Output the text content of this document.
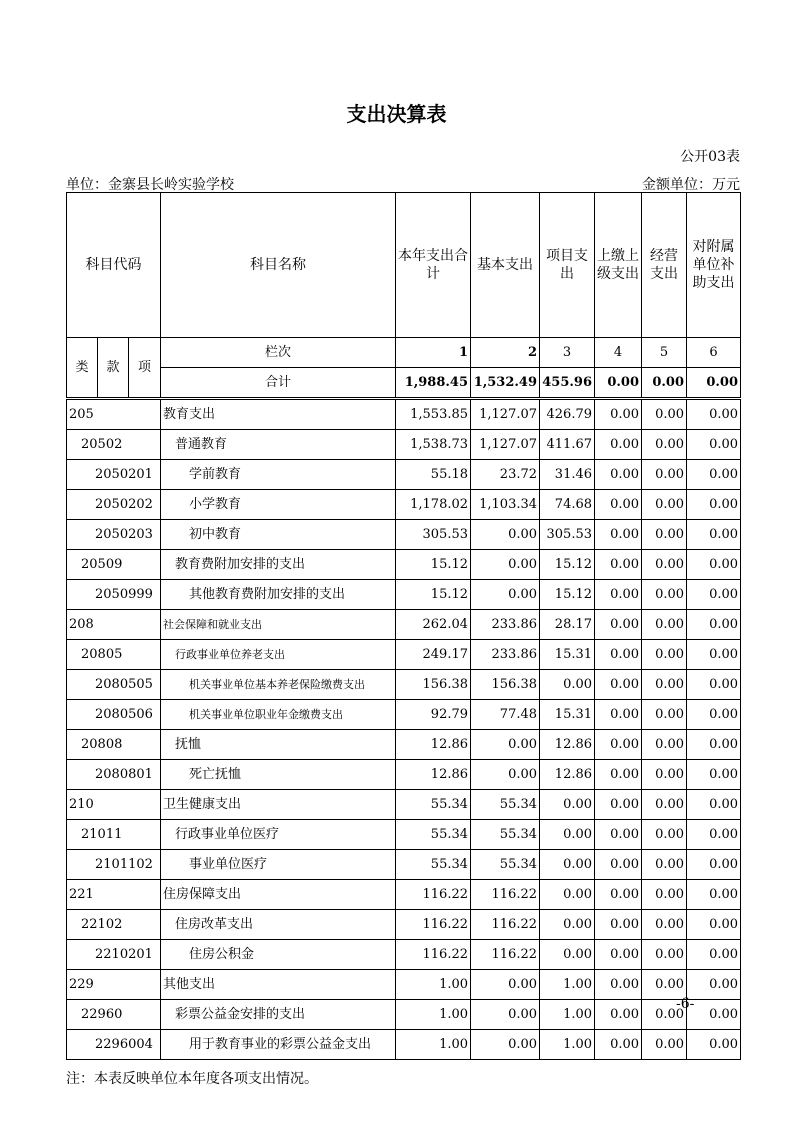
支出决算表
公开03表
单位：金寨县长岭实验学校	金额单位：万元
-6-
科目代码			科目名称	本年支出合计	基本支出	项目支出	上缴上级支出	经营支出	对附属单位补助支出
类	款	项	栏次	1	2	3	4	5	6
			合计	1,988.45	1,532.49	455.96	0.00	0.00	0.00
205			教育支出	1,553.85	1,127.07	426.79	0.00	0.00	0.00
20502			普通教育	1,538.73	1,127.07	411.67	0.00	0.00	0.00
2050201			学前教育	55.18	23.72	31.46	0.00	0.00	0.00
2050202			小学教育	1,178.02	1,103.34	74.68	0.00	0.00	0.00
2050203			初中教育	305.53	0.00	305.53	0.00	0.00	0.00
20509			教育费附加安排的支出	15.12	0.00	15.12	0.00	0.00	0.00
2050999			其他教育费附加安排的支出	15.12	0.00	15.12	0.00	0.00	0.00
208			社会保障和就业支出	262.04	233.86	28.17	0.00	0.00	0.00
20805			行政事业单位养老支出	249.17	233.86	15.31	0.00	0.00	0.00
2080505			机关事业单位基本养老保险缴费支出	156.38	156.38	0.00	0.00	0.00	0.00
2080506			机关事业单位职业年金缴费支出	92.79	77.48	15.31	0.00	0.00	0.00
20808			抚恤	12.86	0.00	12.86	0.00	0.00	0.00
2080801			死亡抚恤	12.86	0.00	12.86	0.00	0.00	0.00
210			卫生健康支出	55.34	55.34	0.00	0.00	0.00	0.00
21011			行政事业单位医疗	55.34	55.34	0.00	0.00	0.00	0.00
2101102			事业单位医疗	55.34	55.34	0.00	0.00	0.00	0.00
221			住房保障支出	116.22	116.22	0.00	0.00	0.00	0.00
22102			住房改革支出	116.22	116.22	0.00	0.00	0.00	0.00
2210201			住房公积金	116.22	116.22	0.00	0.00	0.00	0.00
229			其他支出	1.00	0.00	1.00	0.00	0.00	0.00
22960			彩票公益金安排的支出	1.00	0.00	1.00	0.00	0.00	0.00
2296004			用于教育事业的彩票公益金支出	1.00	0.00	1.00	0.00	0.00	0.00
注：本表反映单位本年度各项支出情况。
